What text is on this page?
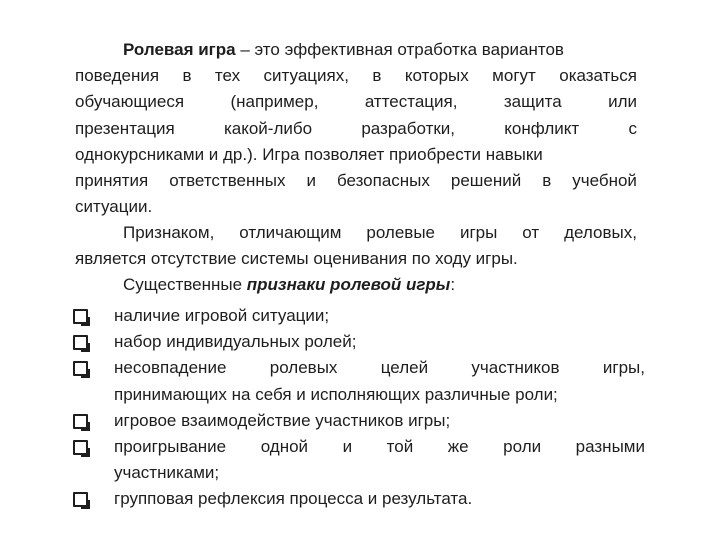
Ролевая игра – это эффективная отработка вариантов
поведения в тех ситуациях, в которых могут оказаться
обучающиеся	(например,	аттестация,	защита	или
презентация	какой-либо	разработки,	конфликт	с
однокурсниками и др.). Игра позволяет приобрести навыки
принятия ответственных и безопасных решений в учебной
ситуации.
Признаком, отличающим ролевые игры от деловых,
является отсутствие системы оценивания по ходу игры.
Существенные признаки ролевой игры:
наличие игровой ситуации;
набор индивидуальных ролей;
несовпадение	ролевых	целей	участников	игры,
принимающих на себя и исполняющих различные роли;
игровое взаимодействие участников игры;
проигрывание одной и той же роли разными
участниками;
групповая рефлексия процесса и результата.
